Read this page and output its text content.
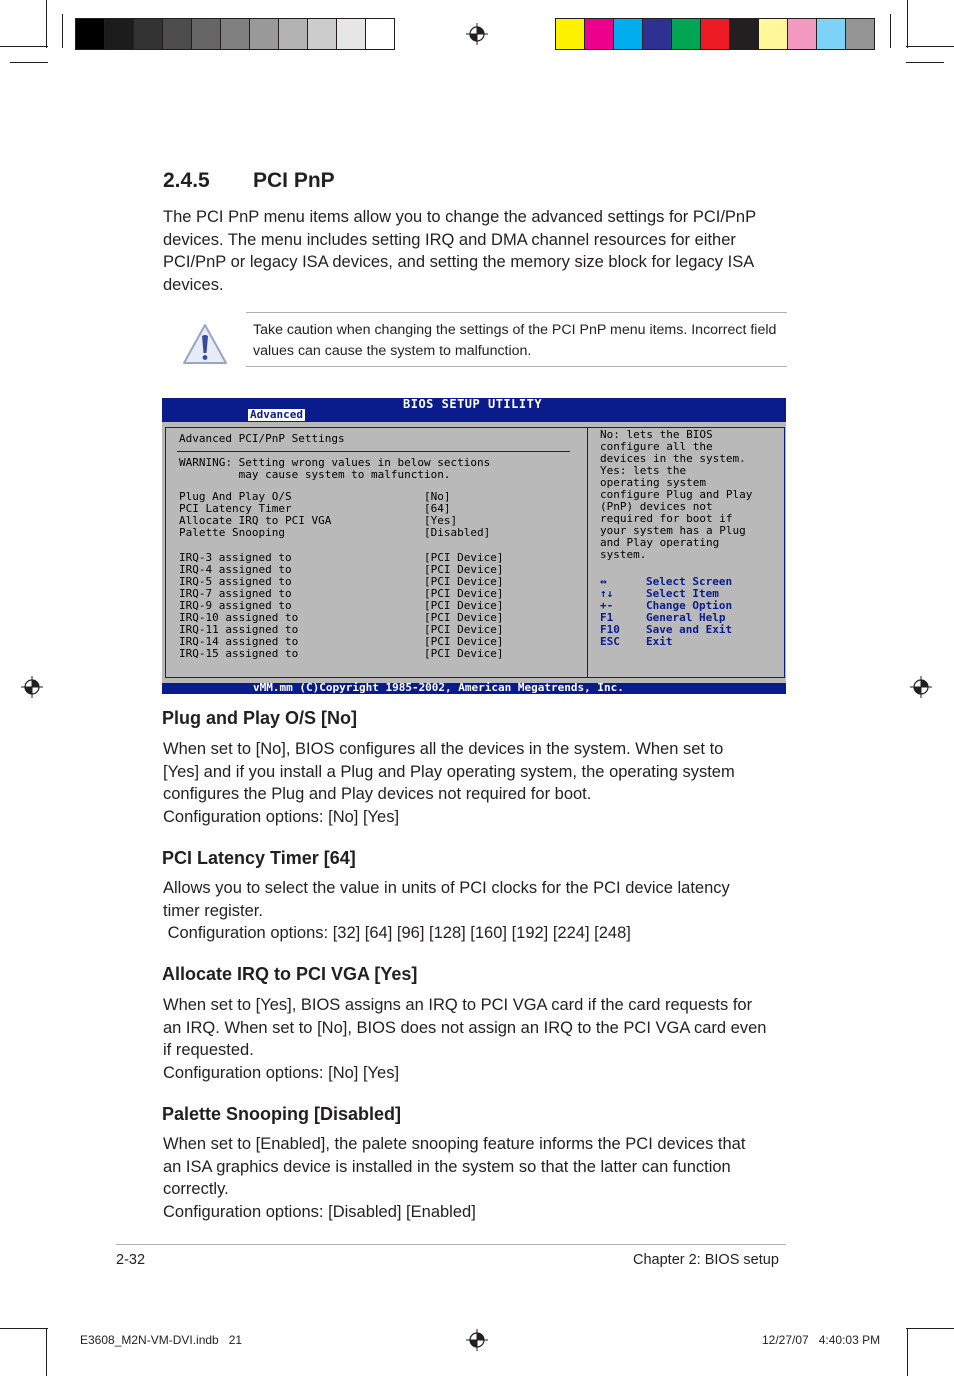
2.4.5 PCI PnP
The PCI PnP menu items allow you to change the advanced settings for PCI/PnP devices. The menu includes setting IRQ and DMA channel resources for either PCI/PnP or legacy ISA devices, and setting the memory size block for legacy ISA devices.
Take caution when changing the settings of the PCI PnP menu items. Incorrect field values can cause the system to malfunction.
BIOS SETUP UTILITY
Advanced
Advanced PCI/PnP Settings
WARNING: Setting wrong values in below sections
may cause system to malfunction.
Plug And Play O/S	[No]
PCI Latency Timer	[64]
Allocate IRQ to PCI VGA	[Yes]
Palette Snooping	[Disabled]
IRQ-3 assigned to	[PCI Device]
IRQ-4 assigned to	[PCI Device]
IRQ-5 assigned to	[PCI Device]
IRQ-7 assigned to	[PCI Device]
IRQ-9 assigned to	[PCI Device]
IRQ-10 assigned to	[PCI Device]
IRQ-11 assigned to	[PCI Device]
IRQ-14 assigned to	[PCI Device]
IRQ-15 assigned to	[PCI Device]
No: lets the BIOS
configure all the
devices in the system.
Yes: lets the
operating system
configure Plug and Play
(PnP) devices not
required for boot if
your system has a Plug
and Play operating
system.
↔	Select Screen
↑↓	Select Item
+-	Change Option
F1	General Help
F10 Save and Exit
ESC Exit
vMM.mm (C)Copyright 1985-2002, American Megatrends, Inc.
Plug and Play O/S [No]
When set to [No], BIOS configures all the devices in the system. When set to
[Yes] and if you install a Plug and Play operating system, the operating system
configures the Plug and Play devices not required for boot.
Configuration options: [No] [Yes]
PCI Latency Timer [64]
Allows you to select the value in units of PCI clocks for the PCI device latency
timer register.
Configuration options: [32] [64] [96] [128] [160] [192] [224] [248]
Allocate IRQ to PCI VGA [Yes]
When set to [Yes], BIOS assigns an IRQ to PCI VGA card if the card requests for
an IRQ. When set to [No], BIOS does not assign an IRQ to the PCI VGA card even
if requested.
Configuration options: [No] [Yes]
Palette Snooping [Disabled]
When set to [Enabled], the palete snooping feature informs the PCI devices that
an ISA graphics device is installed in the system so that the latter can function
correctly.
Configuration options: [Disabled] [Enabled]
2-32	Chapter 2: BIOS setup
E3608_M2N-VM-DVI.indb   21	12/27/07   4:40:03 PM
